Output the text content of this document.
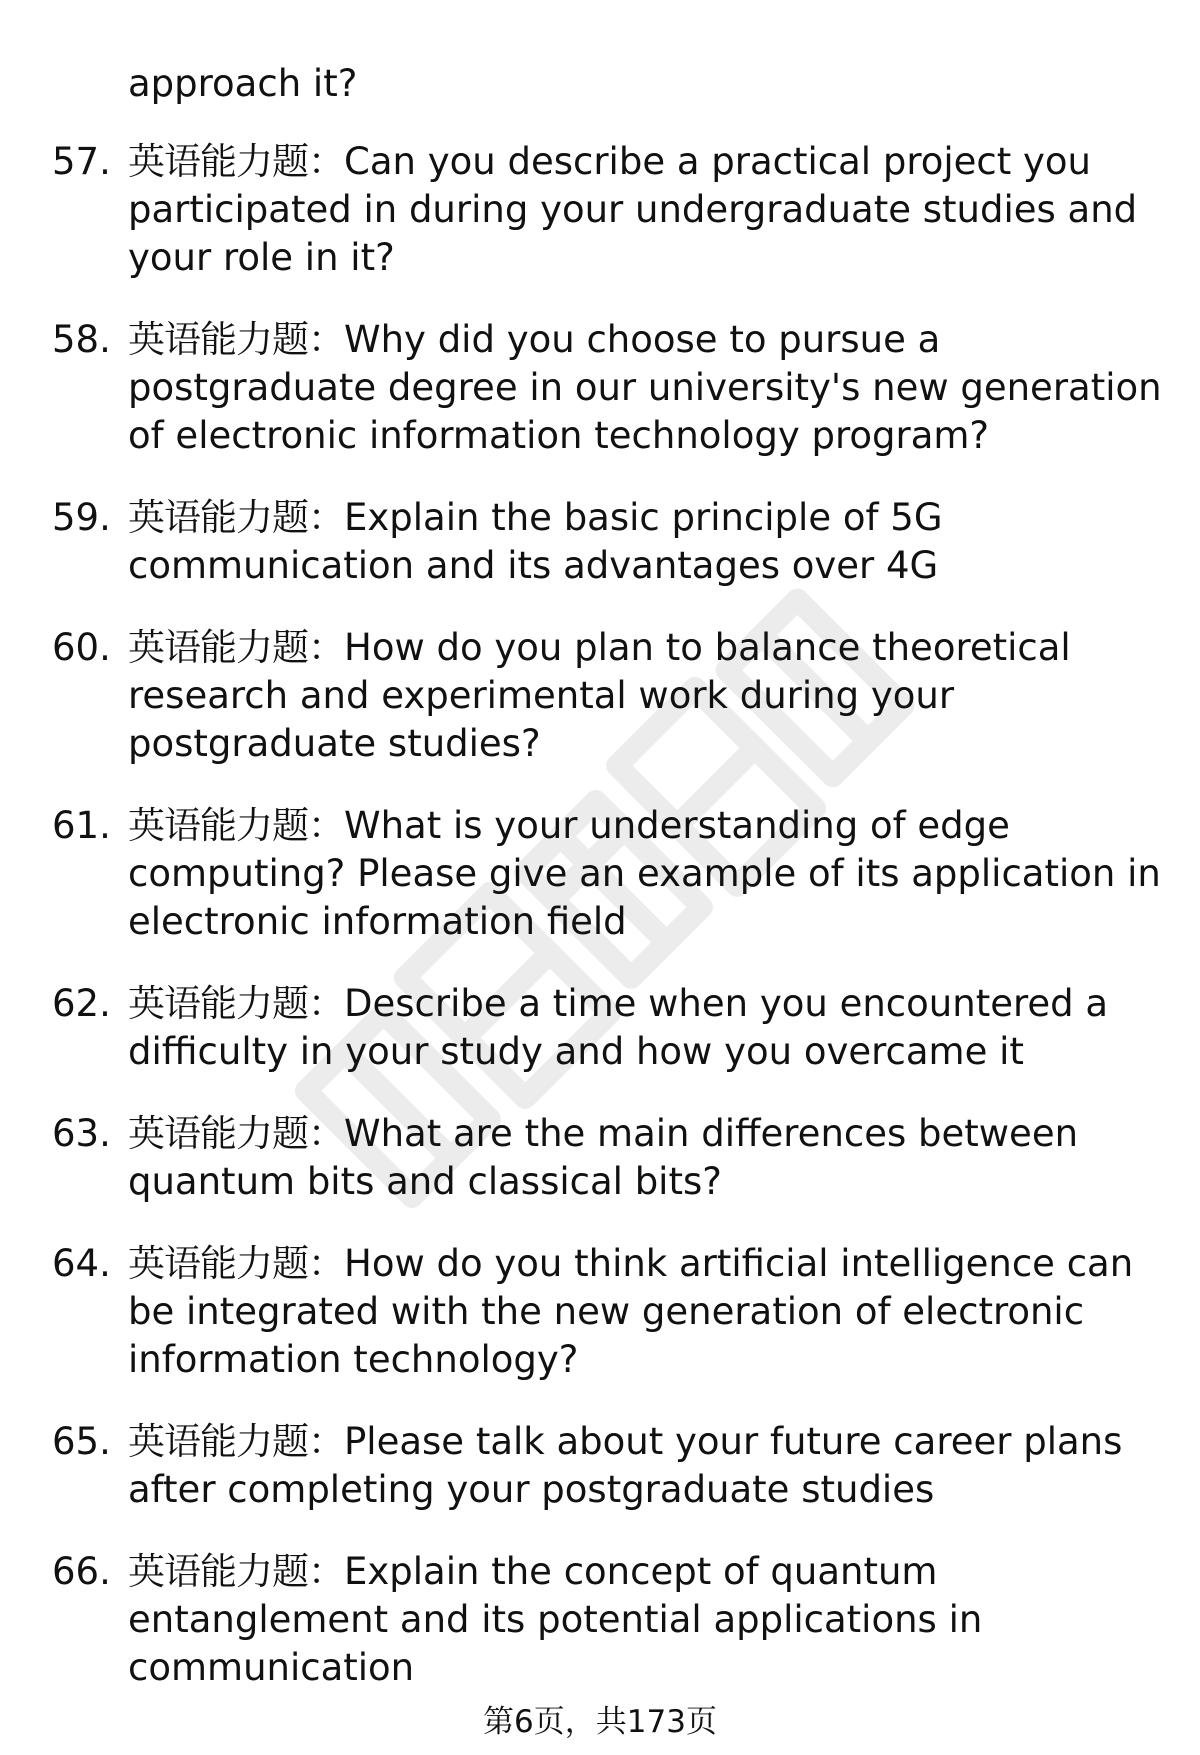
approach it?

57. 英语能力题：Can you describe a practical project you participated in during your undergraduate studies and your role in it?
58. 英语能力题：Why did you choose to pursue a postgraduate degree in our university's new generation of electronic information technology program?
59. 英语能力题：Explain the basic principle of 5G communication and its advantages over 4G
60. 英语能力题：How do you plan to balance theoretical research and experimental work during your postgraduate studies?
61. 英语能力题：What is your understanding of edge computing? Please give an example of its application in electronic information field
62. 英语能力题：Describe a time when you encountered a difficulty in your study and how you overcame it
63. 英语能力题：What are the main differences between quantum bits and classical bits?
64. 英语能力题：How do you think artificial intelligence can be integrated with the new generation of electronic information technology?
65. 英语能力题：Please talk about your future career plans after completing your postgraduate studies
66. 英语能力题：Explain the concept of quantum entanglement and its potential applications in communication
第6页，共173页
